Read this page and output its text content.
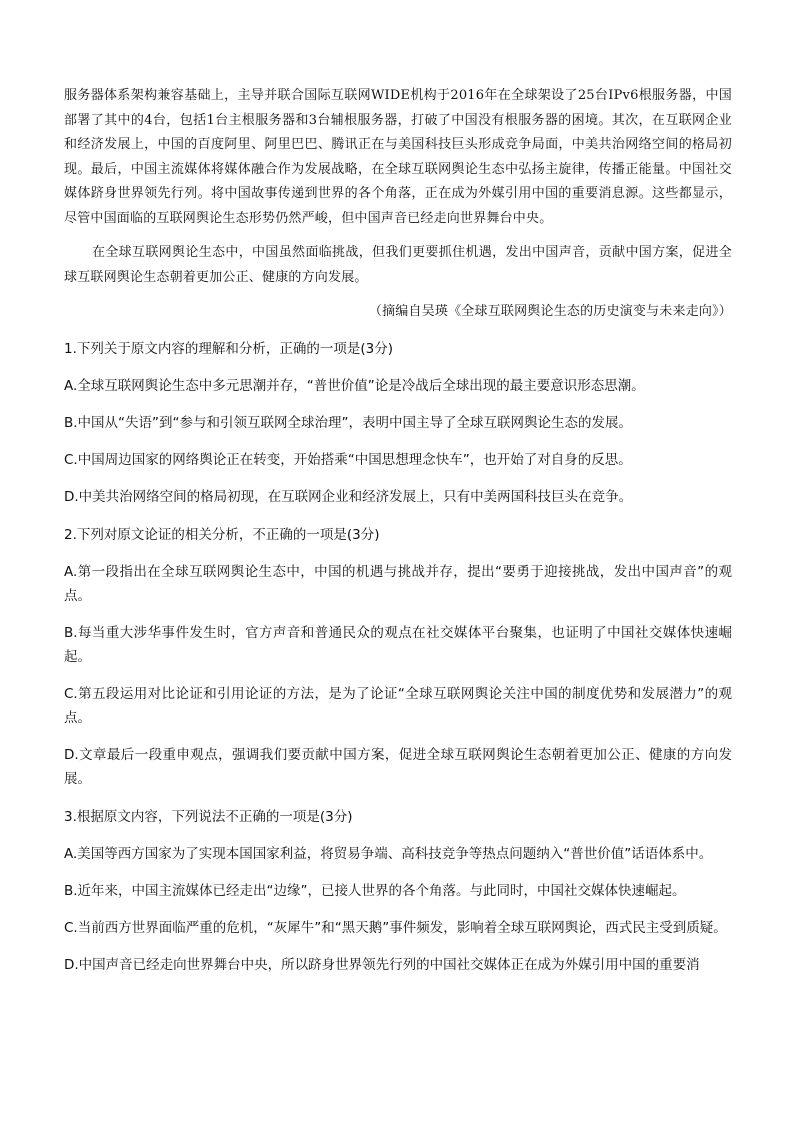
服务器体系架构兼容基础上，主导并联合国际互联网WIDE机构于2016年在全球架设了25台IPv6根服务器，中国部署了其中的4台，包括1台主根服务器和3台辅根服务器，打破了中国没有根服务器的困境。其次，在互联网企业和经济发展上，中国的百度阿里、阿里巴巴、腾讯正在与美国科技巨头形成竞争局面，中美共治网络空间的格局初现。最后，中国主流媒体将媒体融合作为发展战略，在全球互联网舆论生态中弘扬主旋律，传播正能量。中国社交媒体跻身世界领先行列。将中国故事传递到世界的各个角落，正在成为外媒引用中国的重要消息源。这些都显示，尽管中国面临的互联网舆论生态形势仍然严峻，但中国声音已经走向世界舞台中央。

在全球互联网舆论生态中，中国虽然面临挑战，但我们更要抓住机遇，发出中国声音，贡献中国方案，促进全球互联网舆论生态朝着更加公正、健康的方向发展。

（摘编自吴瑛《全球互联网舆论生态的历史演变与未来走向》）

1.下列关于原文内容的理解和分析，正确的一项是(3分)

A.全球互联网舆论生态中多元思潮并存，“普世价值”论是冷战后全球出现的最主要意识形态思潮。

B.中国从“失语”到“参与和引领互联网全球治理”，表明中国主导了全球互联网舆论生态的发展。

C.中国周边国家的网络舆论正在转变，开始搭乘“中国思想理念快车”，也开始了对自身的反思。

D.中美共治网络空间的格局初现，在互联网企业和经济发展上，只有中美两国科技巨头在竞争。

2.下列对原文论证的相关分析，不正确的一项是(3分)

A.第一段指出在全球互联网舆论生态中，中国的机遇与挑战并存，提出“要勇于迎接挑战，发出中国声音”的观点。

B.每当重大涉华事件发生时，官方声音和普通民众的观点在社交媒体平台聚集，也证明了中国社交媒体快速崛起。

C.第五段运用对比论证和引用论证的方法，是为了论证“全球互联网舆论关注中国的制度优势和发展潜力”的观点。

D.文章最后一段重申观点，强调我们要贡献中国方案，促进全球互联网舆论生态朝着更加公正、健康的方向发展。

3.根据原文内容，下列说法不正确的一项是(3分)

A.美国等西方国家为了实现本国国家利益，将贸易争端、高科技竞争等热点问题纳入“普世价值”话语体系中。

B.近年来，中国主流媒体已经走出“边缘”，已接人世界的各个角落。与此同时，中国社交媒体快速崛起。

C.当前西方世界面临严重的危机，“灰犀牛”和“黑天鹅”事件频发，影响着全球互联网舆论，西式民主受到质疑。

D.中国声音已经走向世界舞台中央，所以跻身世界领先行列的中国社交媒体正在成为外媒引用中国的重要消
